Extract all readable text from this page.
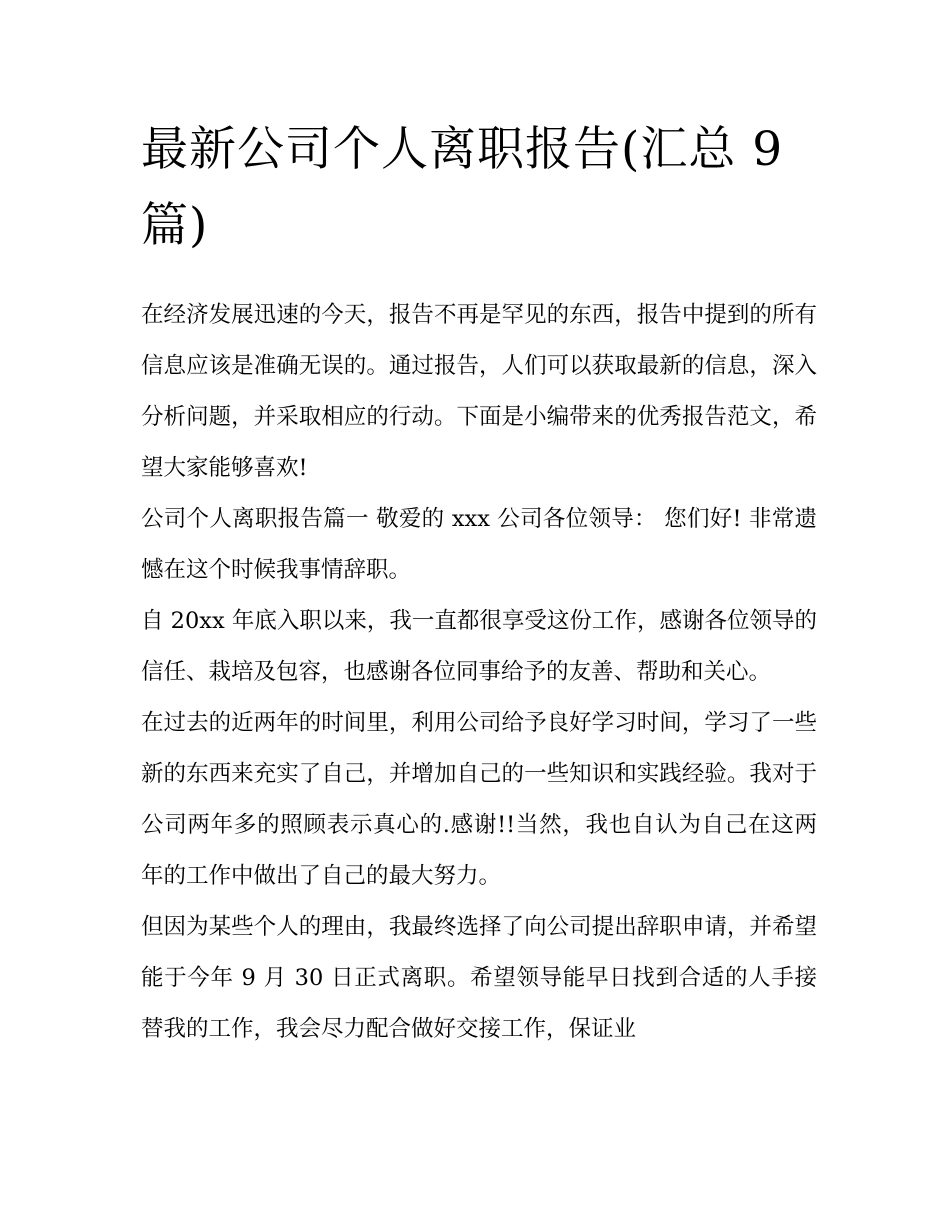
最新公司个人离职报告(汇总 9 篇)

在经济发展迅速的今天，报告不再是罕见的东西，报告中提到的所有信息应该是准确无误的。通过报告，人们可以获取最新的信息，深入分析问题，并采取相应的行动。下面是小编带来的优秀报告范文，希望大家能够喜欢!

公司个人离职报告篇一 敬爱的 xxx 公司各位领导： 您们好! 非常遗憾在这个时候我事情辞职。

自 20xx 年底入职以来，我一直都很享受这份工作，感谢各位领导的信任、栽培及包容，也感谢各位同事给予的友善、帮助和关心。

在过去的近两年的时间里，利用公司给予良好学习时间，学习了一些新的东西来充实了自己，并增加自己的一些知识和实践经验。我对于公司两年多的照顾表示真心的.感谢!!当然，我也自认为自己在这两年的工作中做出了自己的最大努力。

但因为某些个人的理由，我最终选择了向公司提出辞职申请，并希望能于今年 9 月 30 日正式离职。希望领导能早日找到合适的人手接替我的工作，我会尽力配合做好交接工作，保证业
